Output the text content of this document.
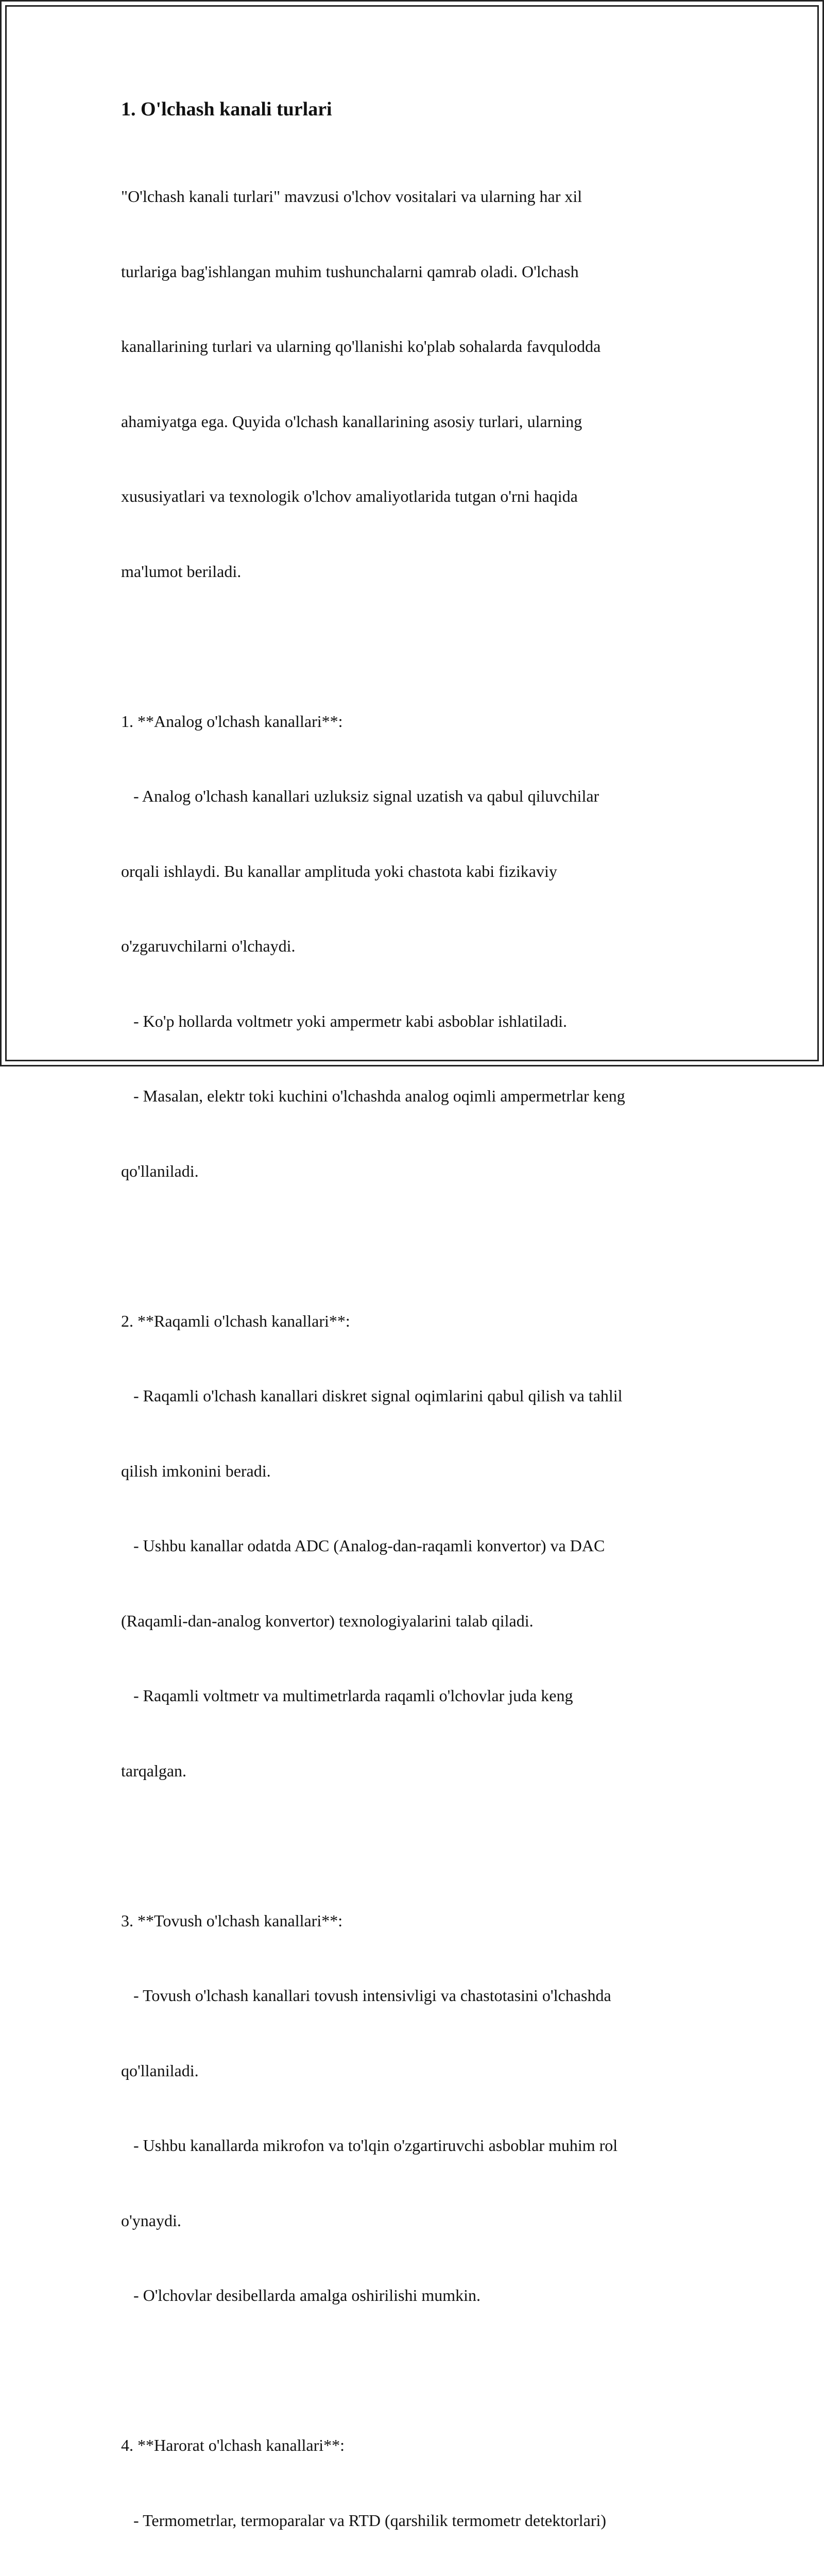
1. O'lchash kanali turlari

"O'lchash kanali turlari" mavzusi o'lchov vositalari va ularning har xil

turlariga bag'ishlangan muhim tushunchalarni qamrab oladi. O'lchash

kanallarining turlari va ularning qo'llanishi ko'plab sohalarda favqulodda

ahamiyatga ega. Quyida o'lchash kanallarining asosiy turlari, ularning

xususiyatlari va texnologik o'lchov amaliyotlarida tutgan o'rni haqida

ma'lumot beriladi.

1. **Analog o'lchash kanallari**:

- Analog o'lchash kanallari uzluksiz signal uzatish va qabul qiluvchilar

orqali ishlaydi. Bu kanallar amplituda yoki chastota kabi fizikaviy

o'zgaruvchilarni o'lchaydi.

- Ko'p hollarda voltmetr yoki ampermetr kabi asboblar ishlatiladi.

- Masalan, elektr toki kuchini o'lchashda analog oqimli ampermetrlar keng

qo'llaniladi.

2. **Raqamli o'lchash kanallari**:

- Raqamli o'lchash kanallari diskret signal oqimlarini qabul qilish va tahlil

qilish imkonini beradi.

- Ushbu kanallar odatda ADC (Analog-dan-raqamli konvertor) va DAC

(Raqamli-dan-analog konvertor) texnologiyalarini talab qiladi.

- Raqamli voltmetr va multimetrlarda raqamli o'lchovlar juda keng

tarqalgan.

3. **Tovush o'lchash kanallari**:

- Tovush o'lchash kanallari tovush intensivligi va chastotasini o'lchashda

qo'llaniladi.

- Ushbu kanallarda mikrofon va to'lqin o'zgartiruvchi asboblar muhim rol

o'ynaydi.

- O'lchovlar desibellarda amalga oshirilishi mumkin.

4. **Harorat o'lchash kanallari**:

- Termometrlar, termoparalar va RTD (qarshilik termometr detektorlari)
